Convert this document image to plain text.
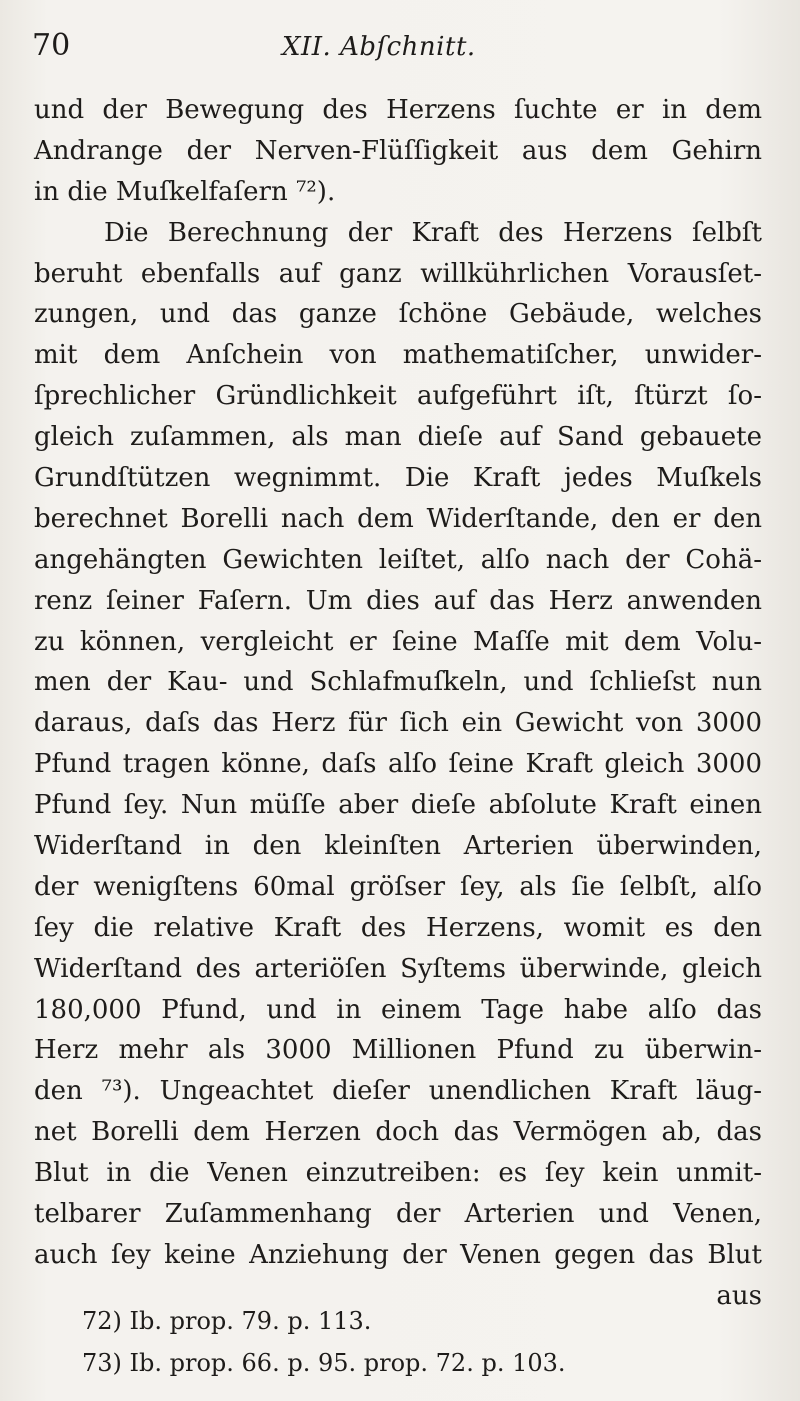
70	XII. Abſchnitt.
und der Bewegung des Herzens ſuchte er in dem
Andrange der Nerven-Flüſſigkeit aus dem Gehirn
in die Muſkelfaſern ⁷²).
Die Berechnung der Kraft des Herzens ſelbſt
beruht ebenfalls auf ganz willkührlichen Vorausſet-
zungen, und das ganze ſchöne Gebäude, welches
mit dem Anſchein von mathematiſcher, unwider-
ſprechlicher Gründlichkeit aufgeführt iſt, ſtürzt ſo-
gleich zuſammen, als man dieſe auf Sand gebauete
Grundſtützen wegnimmt. Die Kraft jedes Muſkels
berechnet Borelli nach dem Widerſtande, den er den
angehängten Gewichten leiſtet, alſo nach der Cohä-
renz ſeiner Faſern. Um dies auf das Herz anwenden
zu können, vergleicht er ſeine Maſſe mit dem Volu-
men der Kau- und Schlafmuſkeln, und ſchlieſst nun
daraus, daſs das Herz für ſich ein Gewicht von 3000
Pfund tragen könne, daſs alſo ſeine Kraft gleich 3000
Pfund ſey. Nun müſſe aber dieſe abſolute Kraft einen
Widerſtand in den kleinſten Arterien überwinden,
der wenigſtens 60mal gröſser ſey, als ſie ſelbſt, alſo
ſey die relative Kraft des Herzens, womit es den
Widerſtand des arteriöſen Syſtems überwinde, gleich
180,000 Pfund, und in einem Tage habe alſo das
Herz mehr als 3000 Millionen Pfund zu überwin-
den ⁷³). Ungeachtet dieſer unendlichen Kraft läug-
net Borelli dem Herzen doch das Vermögen ab, das
Blut in die Venen einzutreiben: es ſey kein unmit-
telbarer Zuſammenhang der Arterien und Venen,
auch ſey keine Anziehung der Venen gegen das Blut
aus
72) Ib. prop. 79. p. 113.
73) Ib. prop. 66. p. 95. prop. 72. p. 103.
